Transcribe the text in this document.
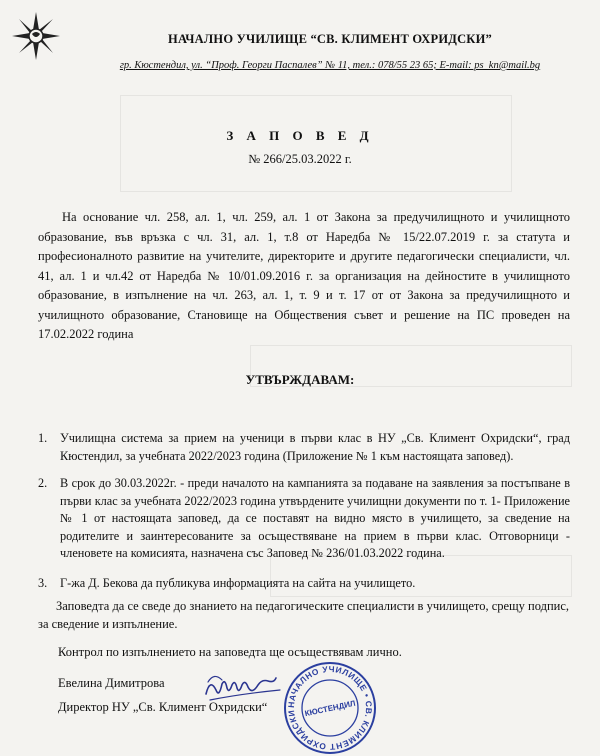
НАЧАЛНО УЧИЛИЩЕ “СВ. КЛИМЕНТ ОХРИДСКИ”
гр. Кюстендил, ул. “Проф. Георги Паспалев” № 11, тел.: 078/55 23 65; E-mail: ps_kn@mail.bg
З А П О В Е Д
№ 266/25.03.2022 г.
На основание чл. 258, ал. 1, чл. 259, ал. 1 от Закона за предучилищното и училищното образование, във връзка с чл. 31, ал. 1, т.8 от Наредба № 15/22.07.2019 г. за статута и професионалното развитие на учителите, директорите и другите педагогически специалисти, чл. 41, ал. 1 и чл.42 от Наредба № 10/01.09.2016 г. за организация на дейностите в училищното образование, в изпълнение на чл. 263, ал. 1, т. 9 и т. 17 от от Закона за предучилищното и училищното образование, Становище на Обществения съвет и решение на ПС проведен на 17.02.2022 година
УТВЪРЖДАВАМ:
1.	Училищна система за прием на ученици в първи клас в НУ „Св. Климент Охридски“, град Кюстендил, за учебната 2022/2023 година (Приложение № 1 към настоящата заповед).
2.	В срок до 30.03.2022г. - преди началото на кампанията за подаване на заявления за постъпване в първи клас за учебната 2022/2023 година утвърдените училищни документи по т. 1- Приложение № 1 от настоящата заповед, да се поставят на видно място в училището, за сведение на родителите и заинтересованите за осъществяване на прием в първи клас. Отговорници - членовете на комисията, назначена със Заповед № 236/01.03.2022 година.
3.	Г-жа Д. Бекова да публикува информацията на сайта на училището.
Заповедта да се сведе до знанието на педагогическите специалисти в училището, срещу подпис, за сведение и изпълнение.
Контрол по изпълнението на заповедта ще осъществявам лично.
Евелина Димитрова
Директор НУ „Св. Климент Охридски“	НАЧАЛНО УЧИЛИЩЕ • СВ. КЛИМЕНТ ОХРИДСКИ КЮСТЕНДИЛ
